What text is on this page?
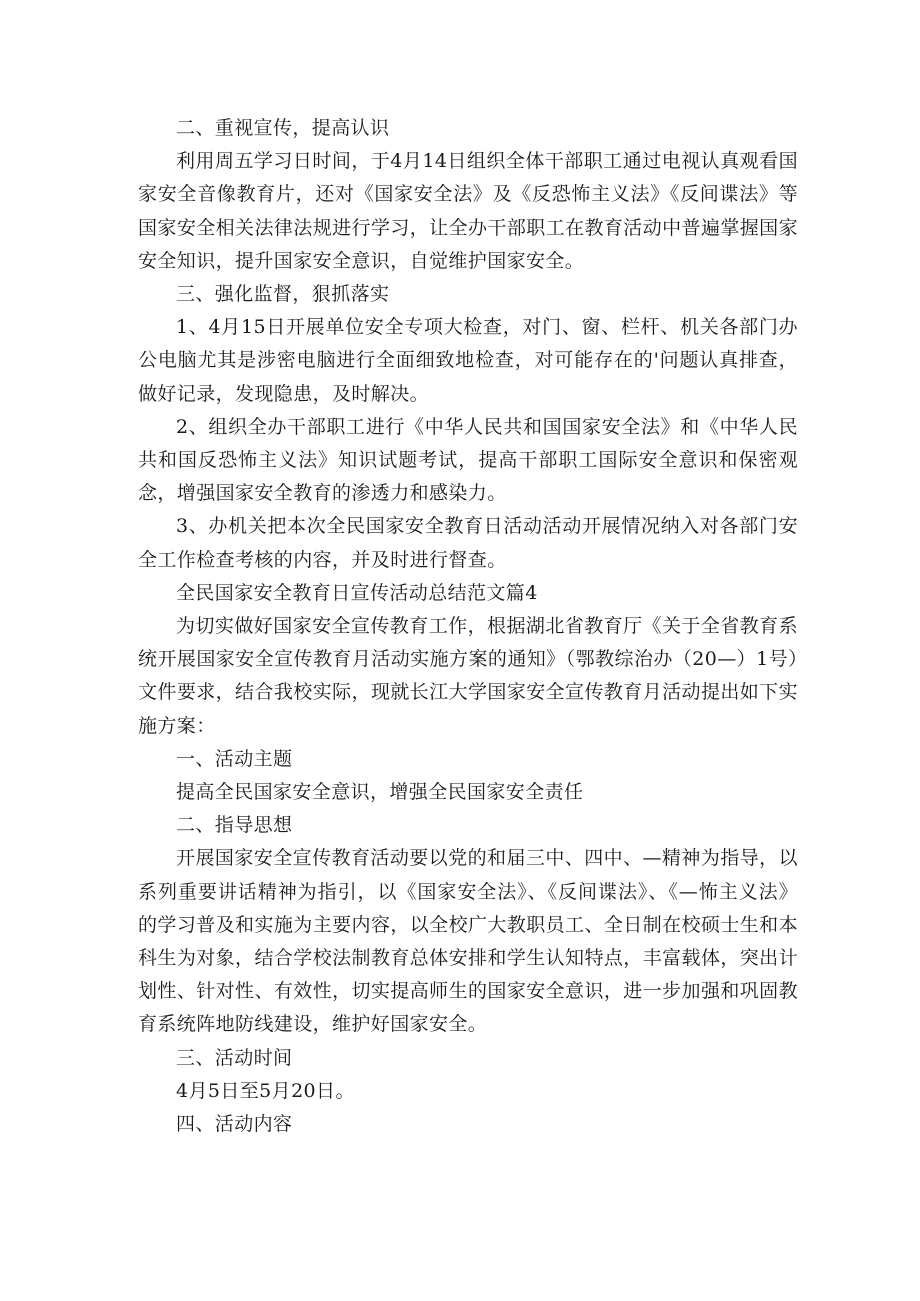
二、重视宣传，提高认识

利用周五学习日时间，于4月14日组织全体干部职工通过电视认真观看国家安全音像教育片，还对《国家安全法》及《反恐怖主义法》《反间谍法》等国家安全相关法律法规进行学习，让全办干部职工在教育活动中普遍掌握国家安全知识，提升国家安全意识，自觉维护国家安全。

三、强化监督，狠抓落实

1、4月15日开展单位安全专项大检查，对门、窗、栏杆、机关各部门办公电脑尤其是涉密电脑进行全面细致地检查，对可能存在的'问题认真排查，做好记录，发现隐患，及时解决。

2、组织全办干部职工进行《中华人民共和国国家安全法》和《中华人民共和国反恐怖主义法》知识试题考试，提高干部职工国际安全意识和保密观念，增强国家安全教育的渗透力和感染力。

3、办机关把本次全民国家安全教育日活动活动开展情况纳入对各部门安全工作检查考核的内容，并及时进行督查。

全民国家安全教育日宣传活动总结范文篇4

为切实做好国家安全宣传教育工作，根据湖北省教育厅《关于全省教育系统开展国家安全宣传教育月活动实施方案的通知》（鄂教综治办（20—）1号）文件要求，结合我校实际，现就长江大学国家安全宣传教育月活动提出如下实施方案：

一、活动主题

提高全民国家安全意识，增强全民国家安全责任

二、指导思想

开展国家安全宣传教育活动要以党的和届三中、四中、—精神为指导，以系列重要讲话精神为指引，以《国家安全法》、《反间谍法》、《—怖主义法》的学习普及和实施为主要内容，以全校广大教职员工、全日制在校硕士生和本科生为对象，结合学校法制教育总体安排和学生认知特点，丰富载体，突出计划性、针对性、有效性，切实提高师生的国家安全意识，进一步加强和巩固教育系统阵地防线建设，维护好国家安全。

三、活动时间

4月5日至5月20日。

四、活动内容
